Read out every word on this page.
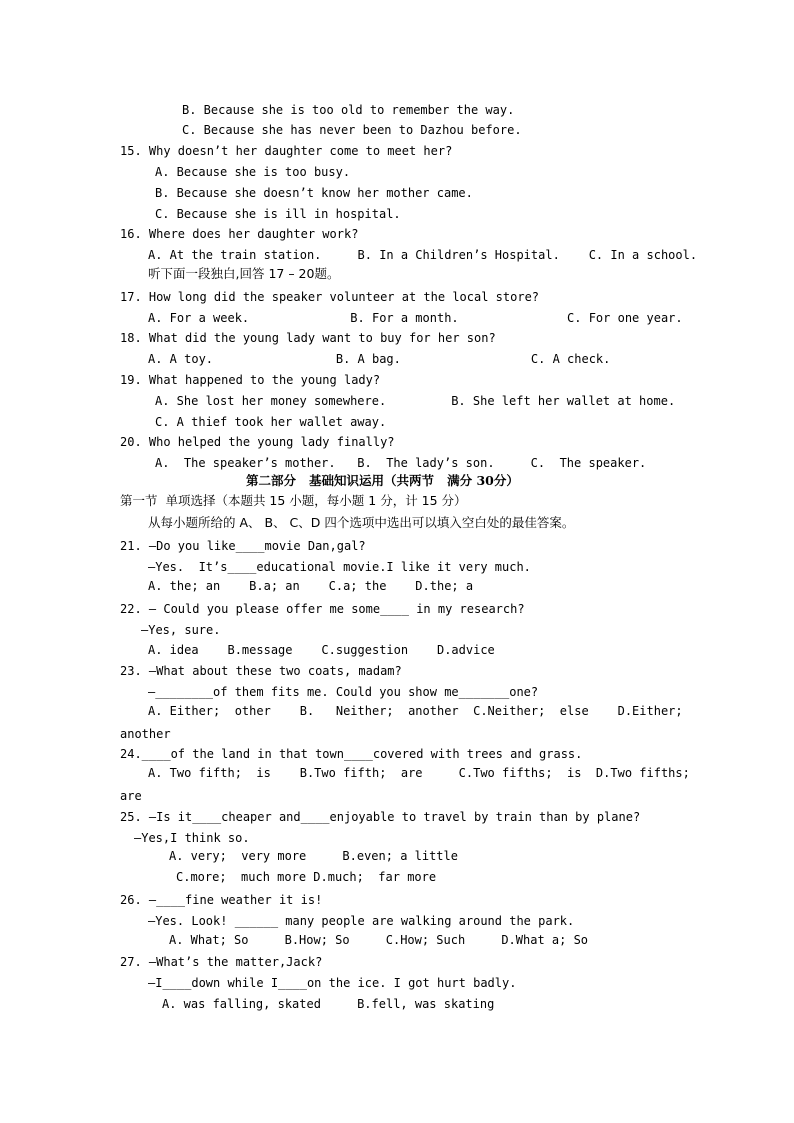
B. Because she is too old to remember the way.
C. Because she has never been to Dazhou before.
15. Why doesn’t her daughter come to meet her?
A. Because she is too busy.
B. Because she doesn’t know her mother came.
C. Because she is ill in hospital.
16. Where does her daughter work?
A. At the train station.     B. In a Children’s Hospital.    C. In a school.
听下面一段独白,回答 17 – 20题。
17. How long did the speaker volunteer at the local store?
A. For a week.              B. For a month.               C. For one year.
18. What did the young lady want to buy for her son?
A. A toy.                 B. A bag.                  C. A check.
19. What happened to the young lady?
A. She lost her money somewhere.         B. She left her wallet at home.
C. A thief took her wallet away.
20. Who helped the young lady finally?
A.  The speaker’s mother.   B.  The lady’s son.     C.  The speaker.
第二部分   基础知识运用（共两节   满分 30分）
第一节  单项选择（本题共 15 小题，每小题 1 分，计 15 分）
从每小题所给的 A、 B、 C、D 四个选项中选出可以填入空白处的最佳答案。
21. —Do you like____movie Dan,gal?
—Yes.  It’s____educational movie.I like it very much.
A. the; an    B.a; an    C.a; the    D.the; a
22. — Could you please offer me some____ in my research?
—Yes, sure.
A. idea    B.message    C.suggestion    D.advice
23. —What about these two coats, madam?
—________of them fits me. Could you show me_______one?
A. Either;  other    B.   Neither;  another  C.Neither;  else    D.Either;
another
24.____of the land in that town____covered with trees and grass.
A. Two fifth;  is    B.Two fifth;  are     C.Two fifths;  is  D.Two fifths;
are
25. —Is it____cheaper and____enjoyable to travel by train than by plane?
—Yes,I think so.
A. very;  very more     B.even; a little
C.more;  much more D.much;  far more
26. —____fine weather it is!
—Yes. Look! ______ many people are walking around the park.
A. What; So     B.How; So     C.How; Such     D.What a; So
27. —What’s the matter,Jack?
—I____down while I____on the ice. I got hurt badly.
A. was falling, skated     B.fell, was skating
